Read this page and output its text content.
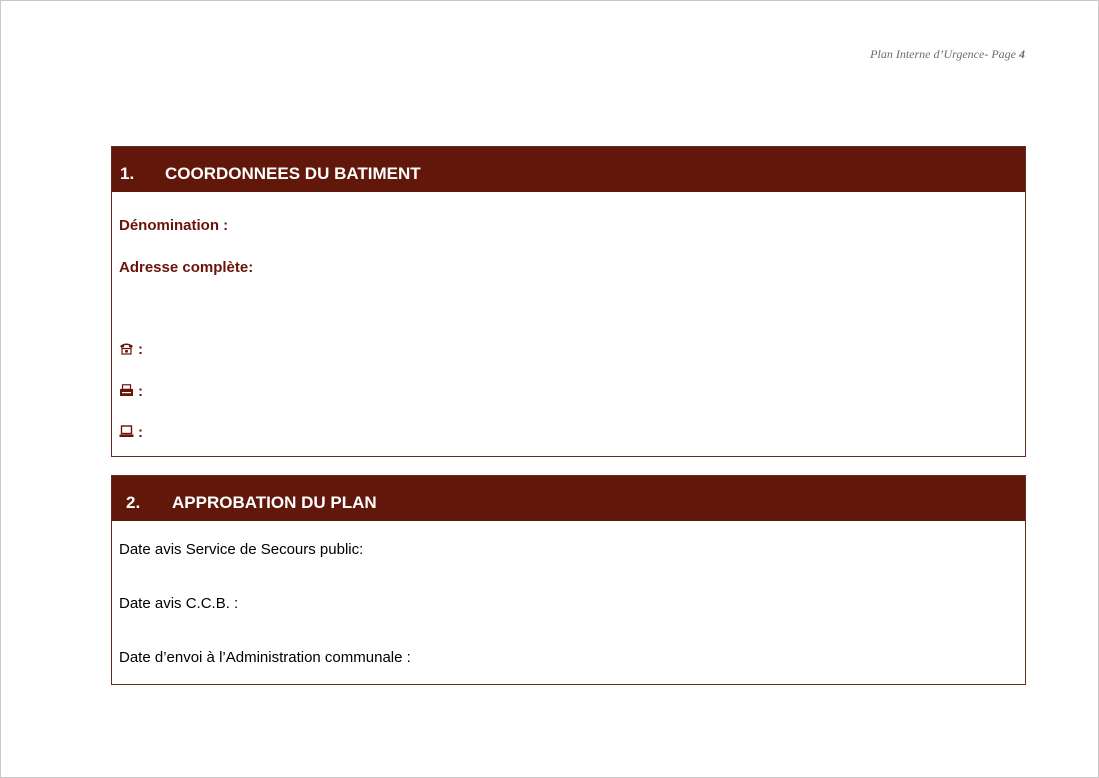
Plan Interne d’Urgence- Page 4
1. COORDONNEES DU BATIMENT
Dénomination :
Adresse complète:
:
:
:
2. APPROBATION DU PLAN
Date avis Service de Secours public:
Date avis C.C.B. :
Date d’envoi à l’Administration communale :
